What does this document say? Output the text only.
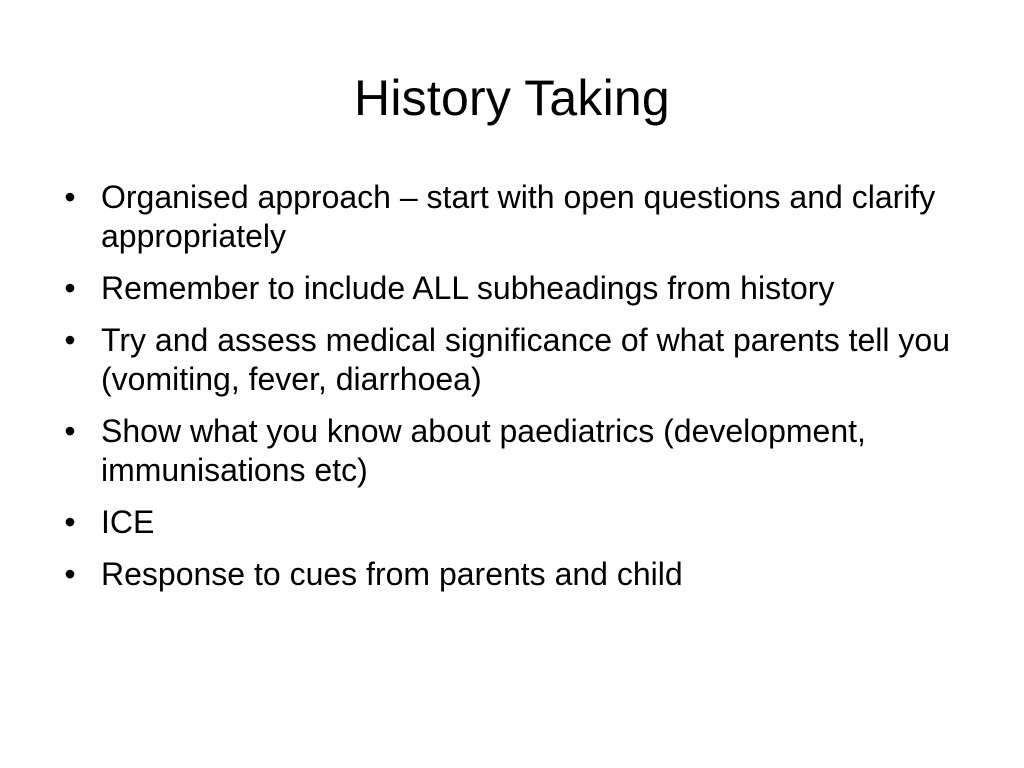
History Taking
• Organised approach – start with open questions and clarify appropriately
• Remember to include ALL subheadings from history
• Try and assess medical significance of what parents tell you (vomiting, fever, diarrhoea)
• Show what you know about paediatrics (development, immunisations etc)
• ICE
• Response to cues from parents and child
